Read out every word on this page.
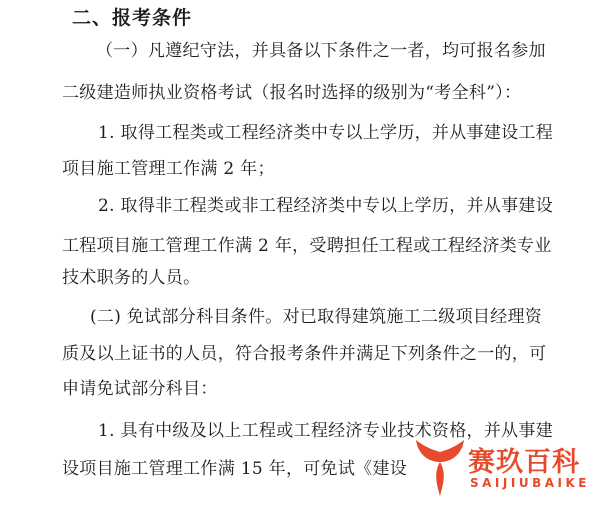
二、报考条件
（一）凡遵纪守法，并具备以下条件之一者，均可报名参加
二级建造师执业资格考试（报名时选择的级别为“考全科”）：
1. 取得工程类或工程经济类中专以上学历，并从事建设工程
项目施工管理工作满 2 年；
2. 取得非工程类或非工程经济类中专以上学历，并从事建设
工程项目施工管理工作满 2 年，受聘担任工程或工程经济类专业
技术职务的人员。
(二) 免试部分科目条件。对已取得建筑施工二级项目经理资
质及以上证书的人员，符合报考条件并满足下列条件之一的，可
申请免试部分科目：
1. 具有中级及以上工程或工程经济专业技术资格，并从事建
设项目施工管理工作满 15 年，可免试《建设 赛玖百科
SAIJIUBAIKE
